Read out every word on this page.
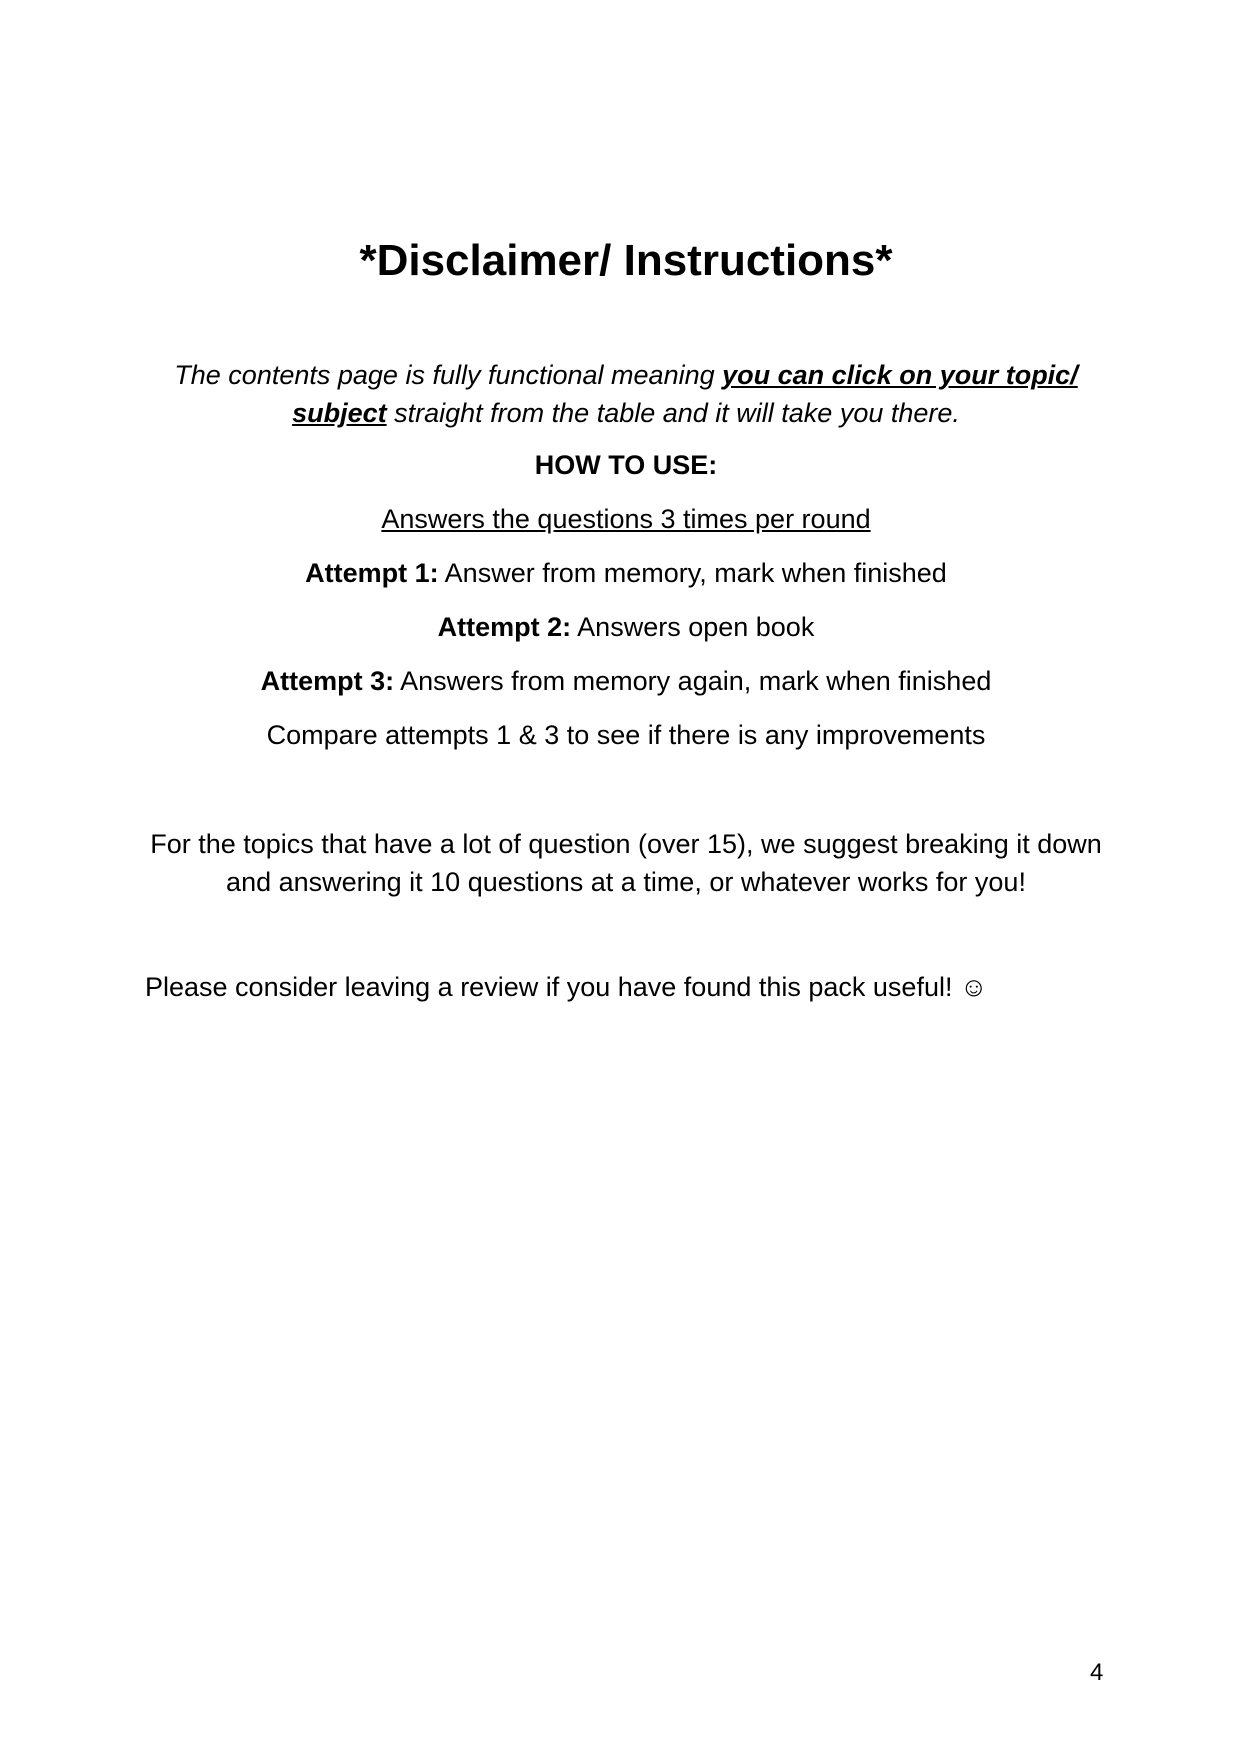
*Disclaimer/ Instructions*

The contents page is fully functional meaning you can click on your topic/ subject straight from the table and it will take you there.

HOW TO USE:

Answers the questions 3 times per round

Attempt 1: Answer from memory, mark when finished

Attempt 2: Answers open book

Attempt 3: Answers from memory again, mark when finished

Compare attempts 1 & 3 to see if there is any improvements

For the topics that have a lot of question (over 15), we suggest breaking it down and answering it 10 questions at a time, or whatever works for you!

Please consider leaving a review if you have found this pack useful! ☺

4
